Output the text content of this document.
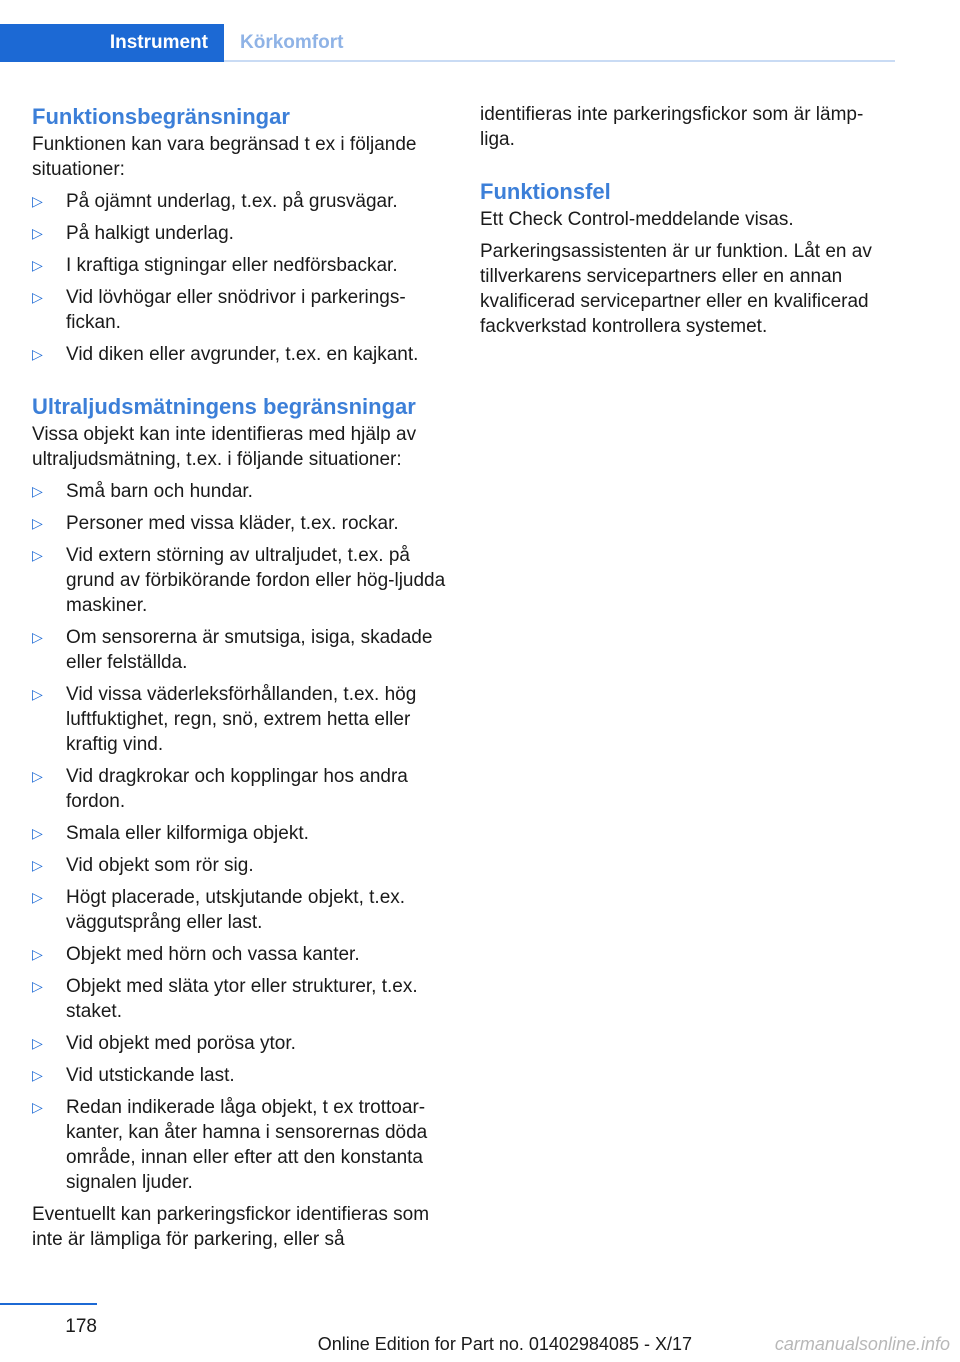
Instrument	Körkomfort
Funktionsbegränsningar

Funktionen kan vara begränsad t ex i följande situationer:

▷ På ojämnt underlag, t.ex. på grusvägar.
▷ På halkigt underlag.
▷ I kraftiga stigningar eller nedförsbackar.
▷ Vid lövhögar eller snödrivor i parkerings‐fickan.
▷ Vid diken eller avgrunder, t.ex. en kajkant.
Ultraljudsmätningens begränsningar

Vissa objekt kan inte identifieras med hjälp av ultraljudsmätning, t.ex. i följande situationer:

▷ Små barn och hundar.
▷ Personer med vissa kläder, t.ex. rockar.
▷ Vid extern störning av ultraljudet, t.ex. på grund av förbikörande fordon eller hög‐ljudda maskiner.
▷ Om sensorerna är smutsiga, isiga, skadade eller felställda.
▷ Vid vissa väderleksförhållanden, t.ex. hög luftfuktighet, regn, snö, extrem hetta eller kraftig vind.
▷ Vid dragkrokar och kopplingar hos andra fordon.
▷ Smala eller kilformiga objekt.
▷ Vid objekt som rör sig.
▷ Högt placerade, utskjutande objekt, t.ex. väggutsprång eller last.
▷ Objekt med hörn och vassa kanter.
▷ Objekt med släta ytor eller strukturer, t.ex. staket.
▷ Vid objekt med porösa ytor.
▷ Vid utstickande last.
▷ Redan indikerade låga objekt, t ex trottoar‐kanter, kan åter hamna i sensorernas döda område, innan eller efter att den konstanta signalen ljuder.

Eventuellt kan parkeringsfickor identifieras som inte är lämpliga för parkering, eller så

identifieras inte parkeringsfickor som är lämp‐liga.

Funktionsfel

Ett Check Control-meddelande visas.

Parkeringsassistenten är ur funktion. Låt en av tillverkarens servicepartners eller en annan kvalificerad servicepartner eller en kvalificerad fackverkstad kontrollera systemet.

178
Online Edition for Part no. 01402984085 - X/17	carmanualsonline.info
